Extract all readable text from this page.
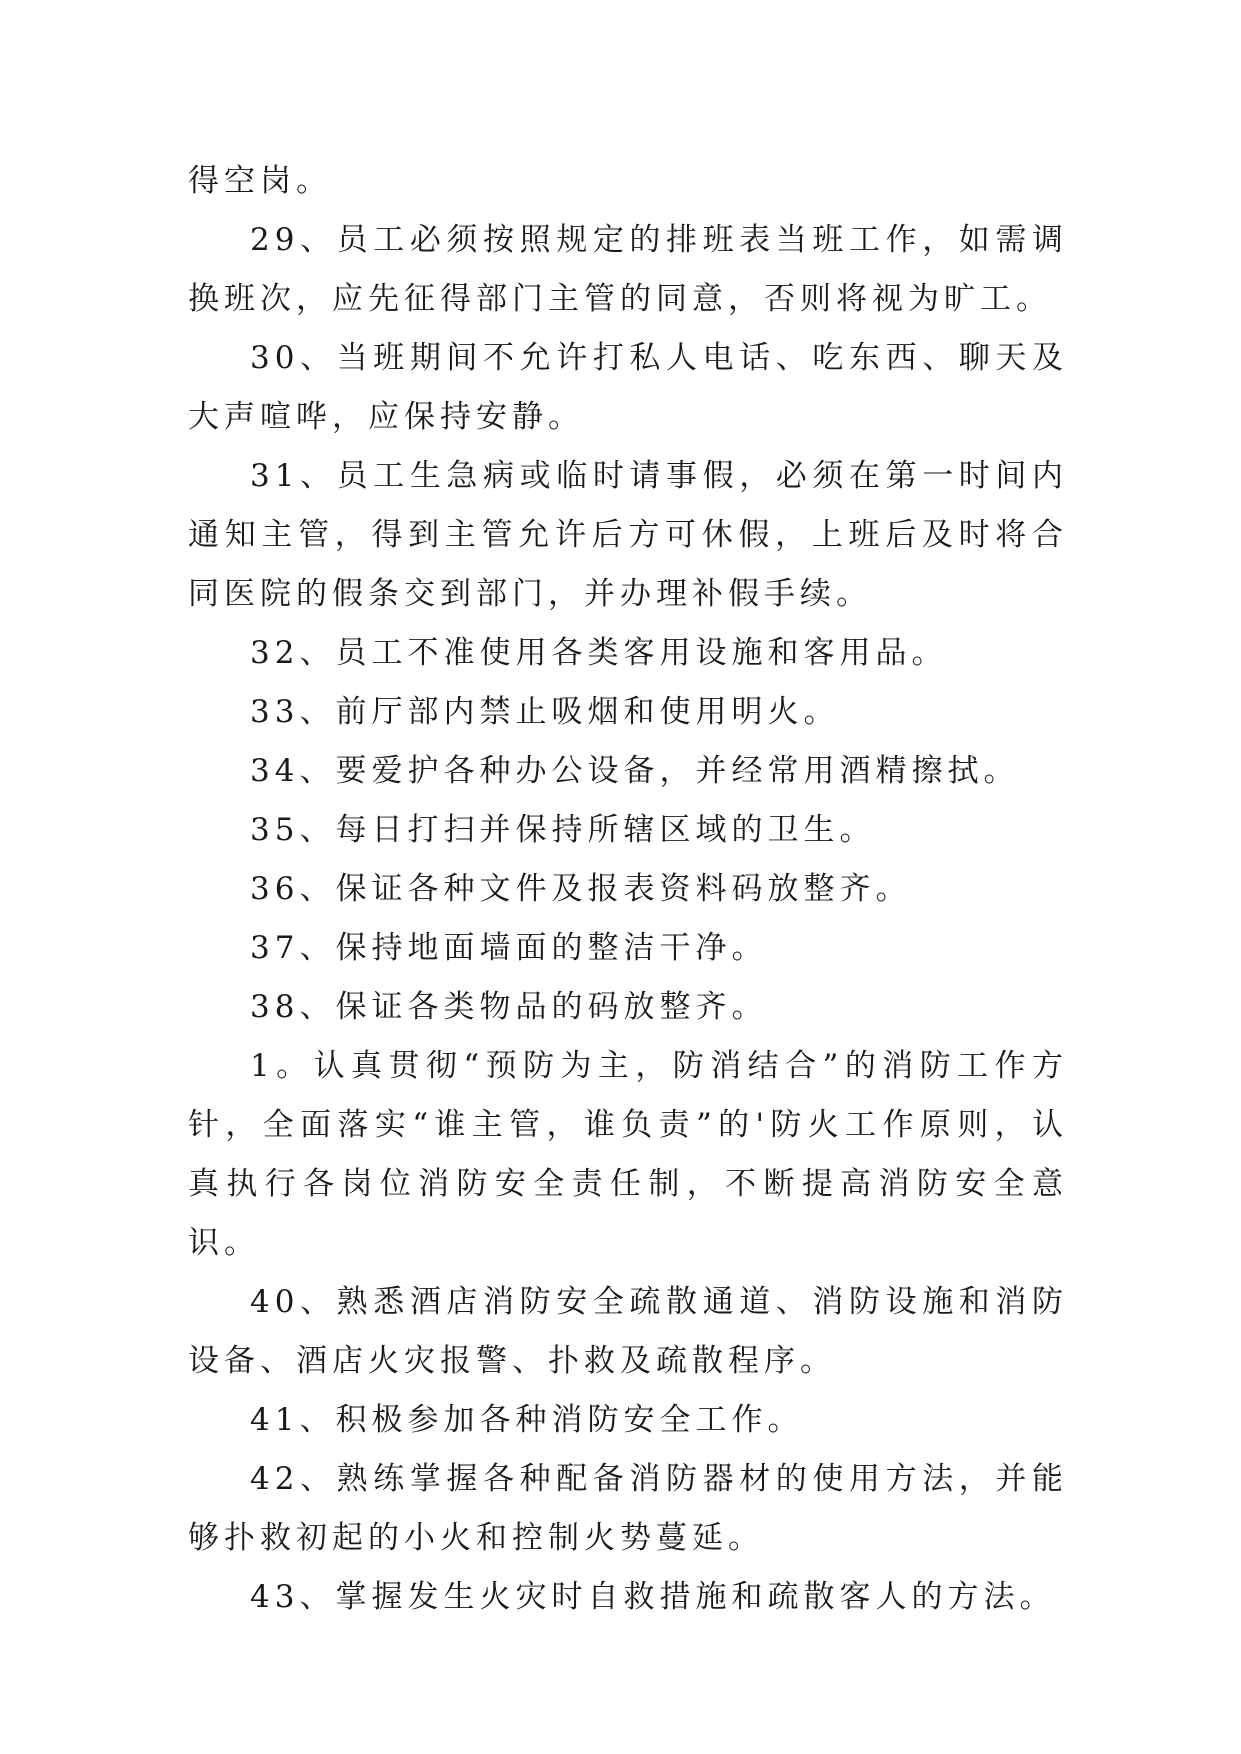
得空岗。

29、员工必须按照规定的排班表当班工作，如需调换班次，应先征得部门主管的同意，否则将视为旷工。

30、当班期间不允许打私人电话、吃东西、聊天及大声喧哗，应保持安静。

31、员工生急病或临时请事假，必须在第一时间内通知主管，得到主管允许后方可休假，上班后及时将合同医院的假条交到部门，并办理补假手续。

32、员工不准使用各类客用设施和客用品。

33、前厅部内禁止吸烟和使用明火。

34、要爱护各种办公设备，并经常用酒精擦拭。

35、每日打扫并保持所辖区域的卫生。

36、保证各种文件及报表资料码放整齐。

37、保持地面墙面的整洁干净。

38、保证各类物品的码放整齐。

1。认真贯彻“预防为主，防消结合”的消防工作方针，全面落实“谁主管，谁负责”的'防火工作原则，认真执行各岗位消防安全责任制，不断提高消防安全意识。

40、熟悉酒店消防安全疏散通道、消防设施和消防设备、酒店火灾报警、扑救及疏散程序。

41、积极参加各种消防安全工作。

42、熟练掌握各种配备消防器材的使用方法，并能够扑救初起的小火和控制火势蔓延。

43、掌握发生火灾时自救措施和疏散客人的方法。
